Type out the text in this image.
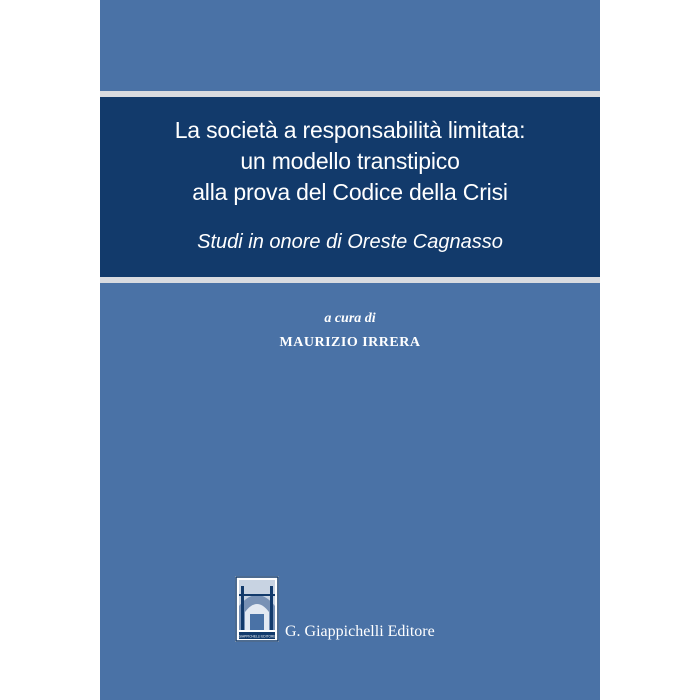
La società a responsabilità limitata:
un modello transtipico
alla prova del Codice della Crisi
Studi in onore di Oreste Cagnasso
a cura di
MAURIZIO IRRERA
GIAPPICHELLI EDITORE G. Giappichelli Editore
